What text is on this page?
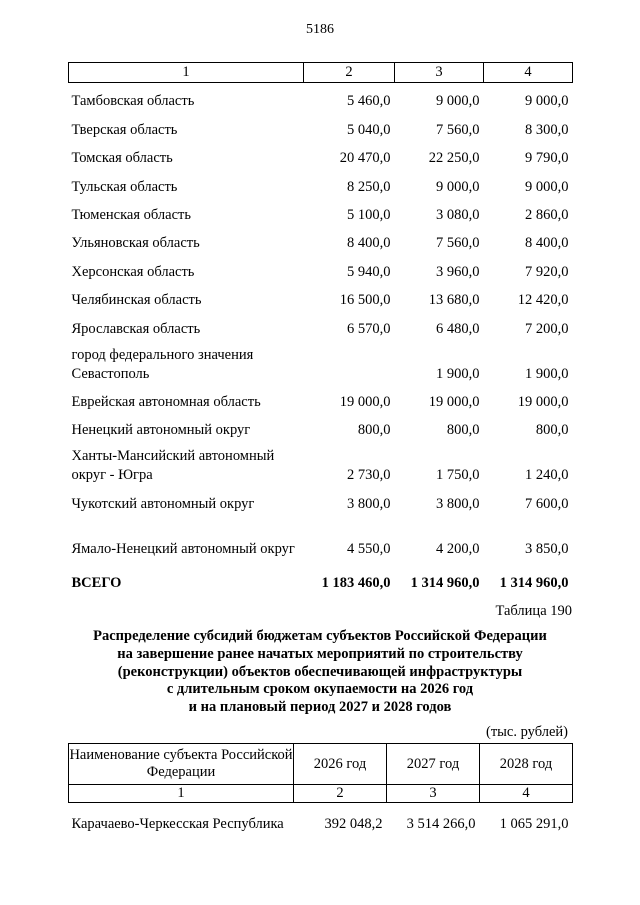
5186
1	2	3	4
Тамбовская область	5 460,0	9 000,0	9 000,0
Тверская область	5 040,0	7 560,0	8 300,0
Томская область	20 470,0	22 250,0	9 790,0
Тульская область	8 250,0	9 000,0	9 000,0
Тюменская область	5 100,0	3 080,0	2 860,0
Ульяновская область	8 400,0	7 560,0	8 400,0
Херсонская область	5 940,0	3 960,0	7 920,0
Челябинская область	16 500,0	13 680,0	12 420,0
Ярославская область	6 570,0	6 480,0	7 200,0
город федерального значения Севастополь		1 900,0	1 900,0
Еврейская автономная область	19 000,0	19 000,0	19 000,0
Ненецкий автономный округ	800,0	800,0	800,0
Ханты-Мансийский автономный округ - Югра	2 730,0	1 750,0	1 240,0
Чукотский автономный округ	3 800,0	3 800,0	7 600,0
Ямало-Ненецкий автономный округ	4 550,0	4 200,0	3 850,0
ВСЕГО	1 183 460,0	1 314 960,0	1 314 960,0
Таблица 190
Распределение субсидий бюджетам субъектов Российской Федерации
на завершение ранее начатых мероприятий по строительству
(реконструкции) объектов обеспечивающей инфраструктуры
с длительным сроком окупаемости на 2026 год
и на плановый период 2027 и 2028 годов
(тыс. рублей)
Наименование субъекта Российской Федерации	2026 год	2027 год	2028 год
1	2	3	4
Карачаево-Черкесская Республика	392 048,2	3 514 266,0	1 065 291,0
